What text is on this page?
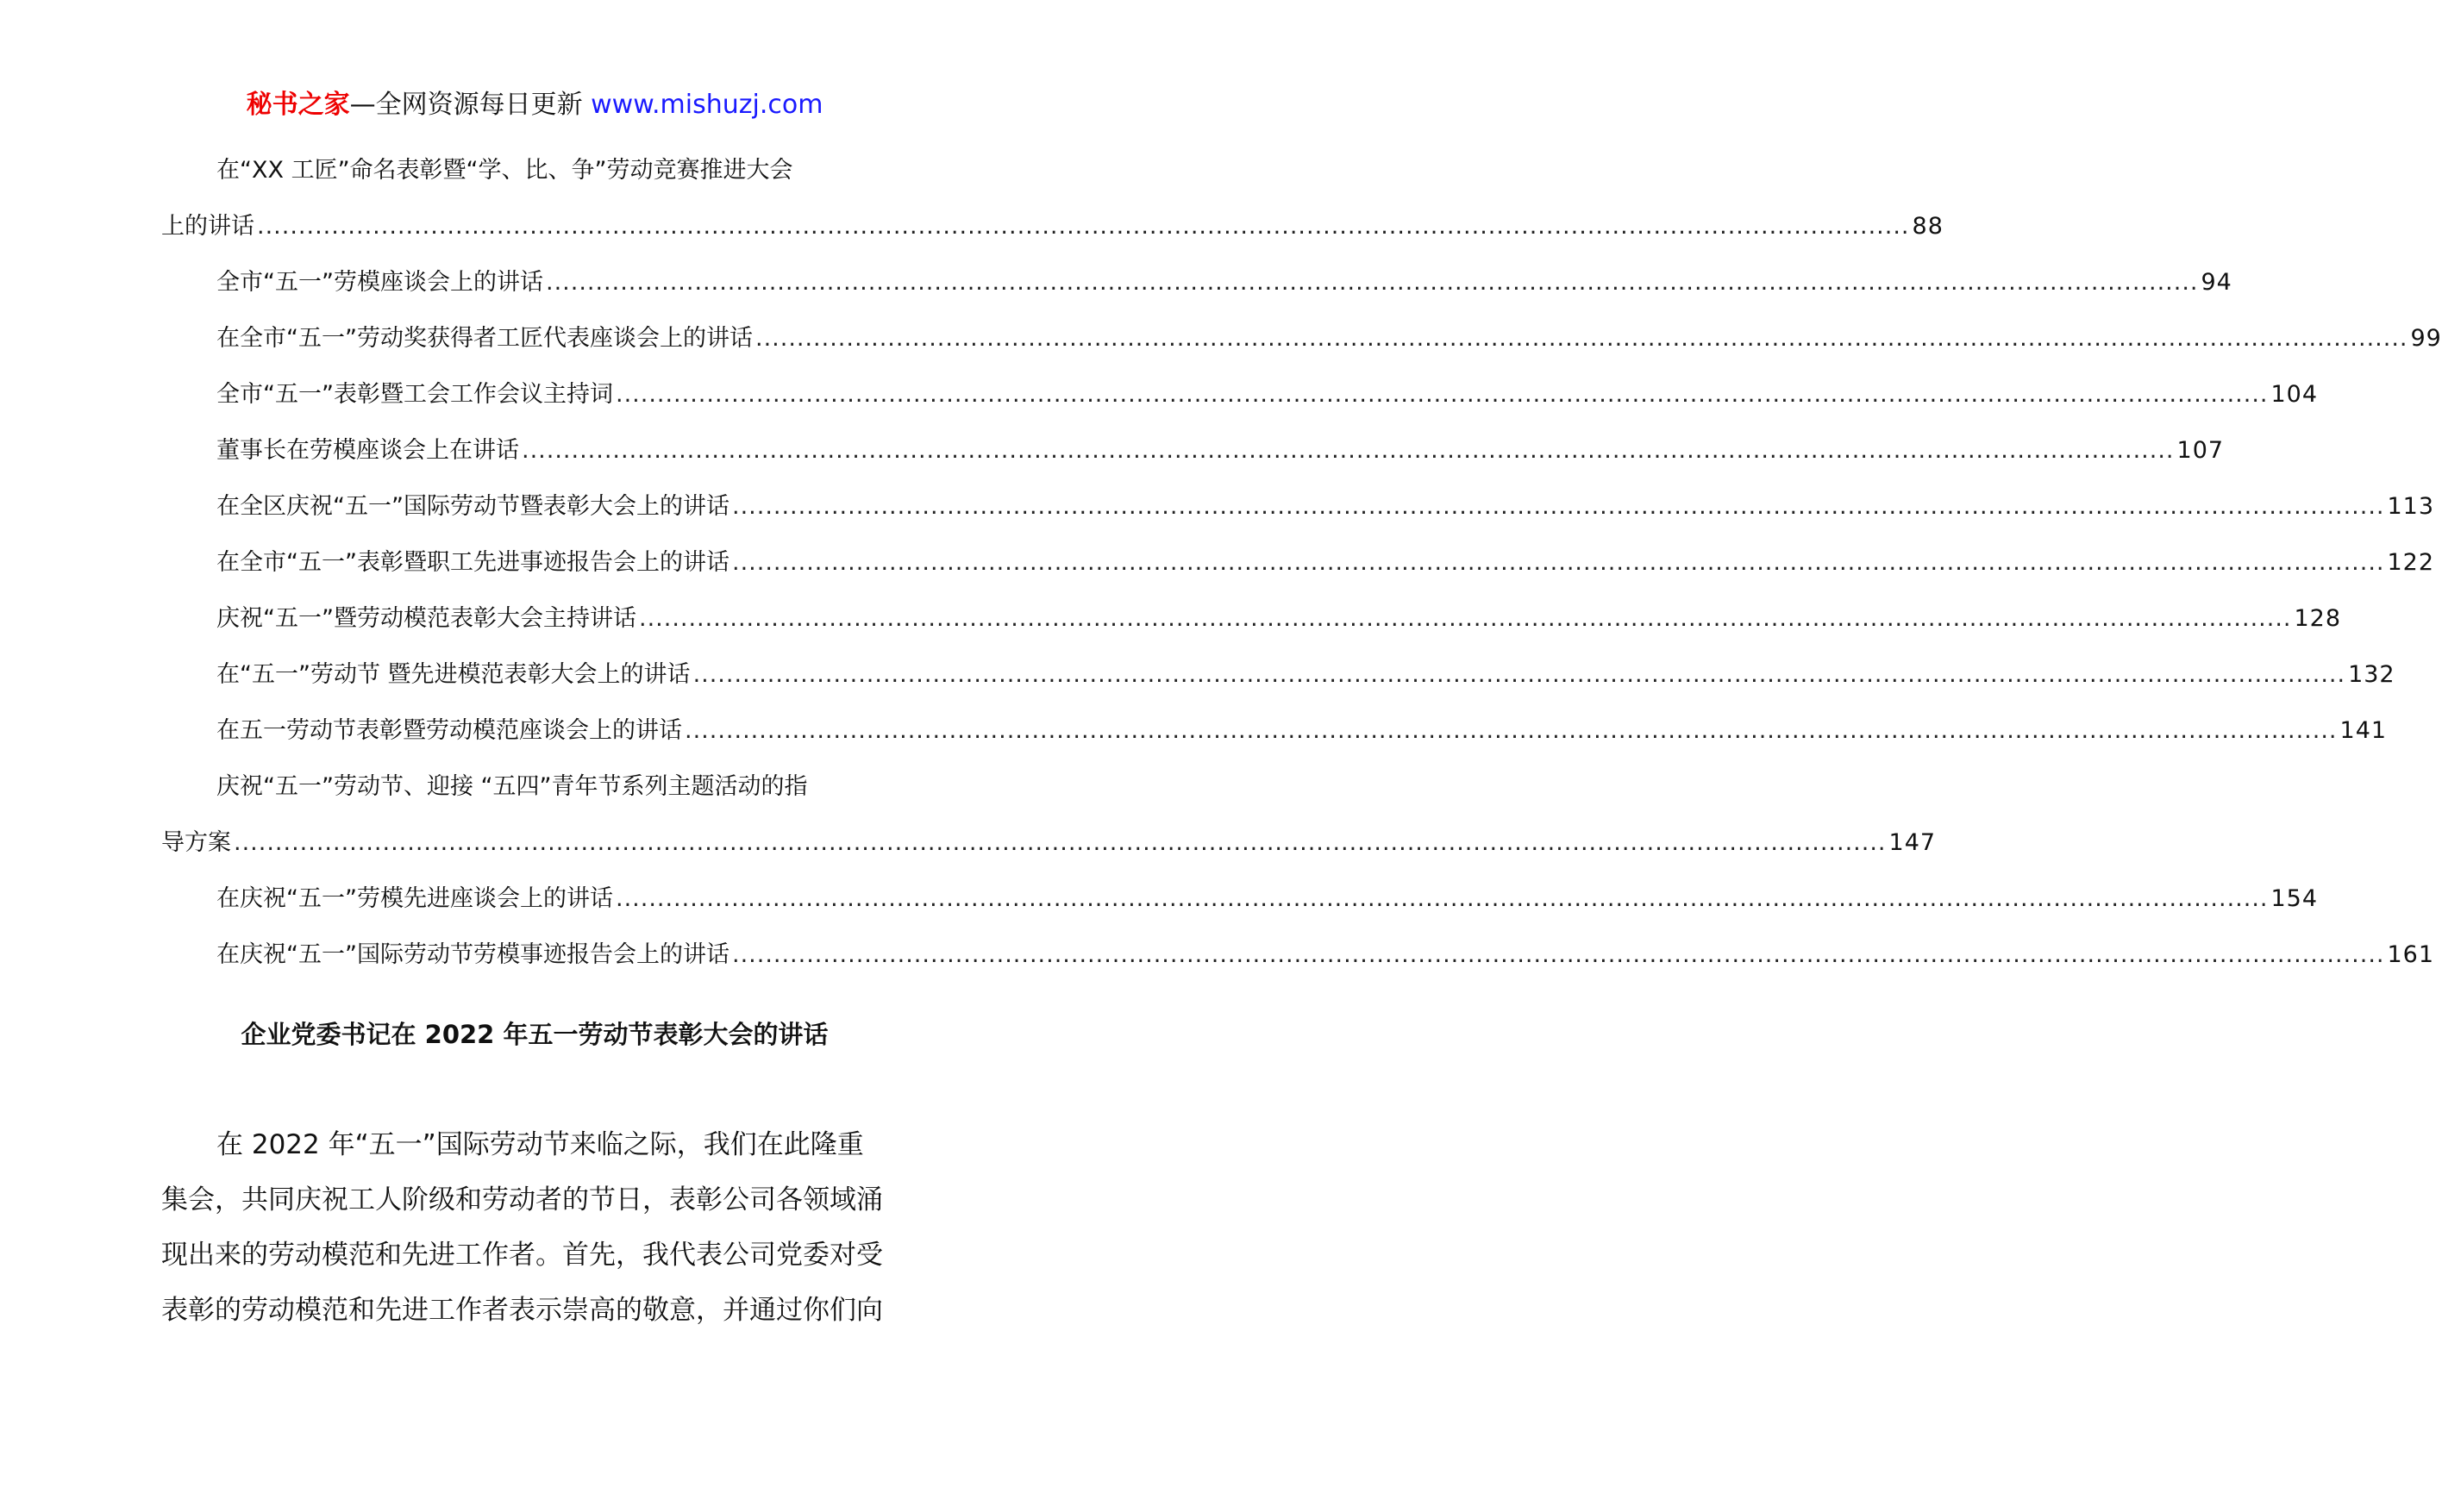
秘书之家—全网资源每日更新 www.mishuzj.com
在“XX 工匠”命名表彰暨“学、比、争”劳动竞赛推进大会
上的讲话 ........................................................................................................................................................................................................ 88
全市“五一”劳模座谈会上的讲话 ........................................................................................................................................................................................................ 94
在全市“五一”劳动奖获得者工匠代表座谈会上的讲话 ........................................................................................................................................................................................................ 99
全市“五一”表彰暨工会工作会议主持词 ........................................................................................................................................................................................................ 104
董事长在劳模座谈会上在讲话 ........................................................................................................................................................................................................ 107
在全区庆祝“五一”国际劳动节暨表彰大会上的讲话 ........................................................................................................................................................................................................ 113
在全市“五一”表彰暨职工先进事迹报告会上的讲话 ........................................................................................................................................................................................................ 122
庆祝“五一”暨劳动模范表彰大会主持讲话 ........................................................................................................................................................................................................ 128
在“五一”劳动节 暨先进模范表彰大会上的讲话 ........................................................................................................................................................................................................ 132
在五一劳动节表彰暨劳动模范座谈会上的讲话 ........................................................................................................................................................................................................ 141
庆祝“五一”劳动节、迎接 “五四”青年节系列主题活动的指
导方案 ........................................................................................................................................................................................................ 147
在庆祝“五一”劳模先进座谈会上的讲话 ........................................................................................................................................................................................................ 154
在庆祝“五一”国际劳动节劳模事迹报告会上的讲话 ........................................................................................................................................................................................................ 161
企业党委书记在 2022 年五一劳动节表彰大会的讲话
在 2022 年“五一”国际劳动节来临之际，我们在此隆重
集会，共同庆祝工人阶级和劳动者的节日，表彰公司各领域涌
现出来的劳动模范和先进工作者。首先，我代表公司党委对受
表彰的劳动模范和先进工作者表示崇高的敬意，并通过你们向
